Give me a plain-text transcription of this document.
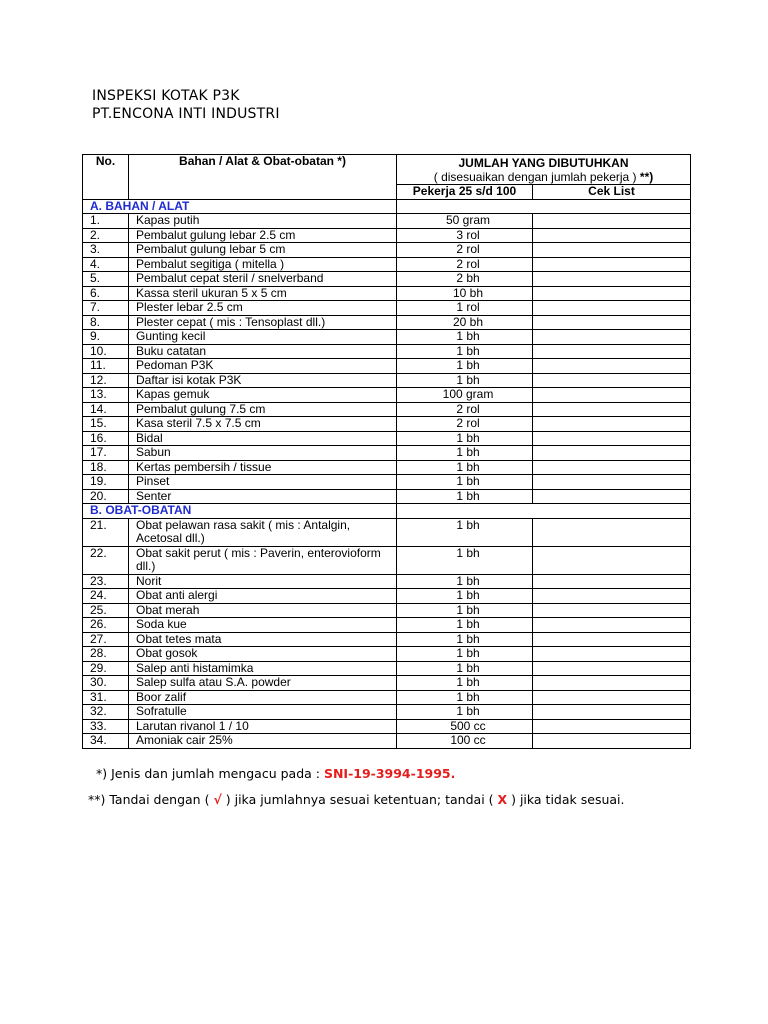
INSPEKSI KOTAK P3K
PT.ENCONA INTI INDUSTRI
No.	Bahan / Alat & Obat-obatan *)	JUMLAH YANG DIBUTUHKAN
( disesuaikan dengan jumlah pekerja ) **)	

		Pekerja 25 s/d 100	Cek List
A. BAHAN / ALAT			
1.	Kapas putih	50 gram	
2.	Pembalut gulung lebar 2.5 cm	3 rol	
3.	Pembalut gulung lebar 5 cm	2 rol	
4.	Pembalut segitiga ( mitella )	2 rol	
5.	Pembalut cepat steril / snelverband	2 bh	
6.	Kassa steril ukuran 5 x 5 cm	10 bh	
7.	Plester lebar 2.5 cm	1 rol	
8.	Plester cepat ( mis : Tensoplast dll.)	20 bh	
9.	Gunting kecil	1 bh	
10.	Buku catatan	1 bh	
11.	Pedoman P3K	1 bh	
12.	Daftar isi kotak P3K	1 bh	
13.	Kapas gemuk	100 gram	
14.	Pembalut gulung 7.5 cm	2 rol	
15.	Kasa steril 7.5 x 7.5 cm	2 rol	
16.	Bidal	1 bh	
17.	Sabun	1 bh	
18.	Kertas pembersih / tissue	1 bh	
19.	Pinset	1 bh	
20.	Senter	1 bh	
B. OBAT-OBATAN			
21.	Obat pelawan rasa sakit ( mis : Antalgin, Acetosal dll.)	1 bh	
22.	Obat sakit perut ( mis : Paverin, enterovioform dll.)	1 bh	
23.	Norit	1 bh	
24.	Obat anti alergi	1 bh	
25.	Obat merah	1 bh	
26.	Soda kue	1 bh	
27.	Obat tetes mata	1 bh	
28.	Obat gosok	1 bh	
29.	Salep anti histamimka	1 bh	
30.	Salep sulfa atau S.A. powder	1 bh	
31.	Boor zalif	1 bh	
32.	Sofratulle	1 bh	
33.	Larutan rivanol 1 / 10	500 cc	
34.	Amoniak cair 25%	100 cc	
*) Jenis dan jumlah mengacu pada : SNI-19-3994-1995.
**) Tandai dengan ( √ ) jika jumlahnya sesuai ketentuan; tandai ( X ) jika tidak sesuai.
